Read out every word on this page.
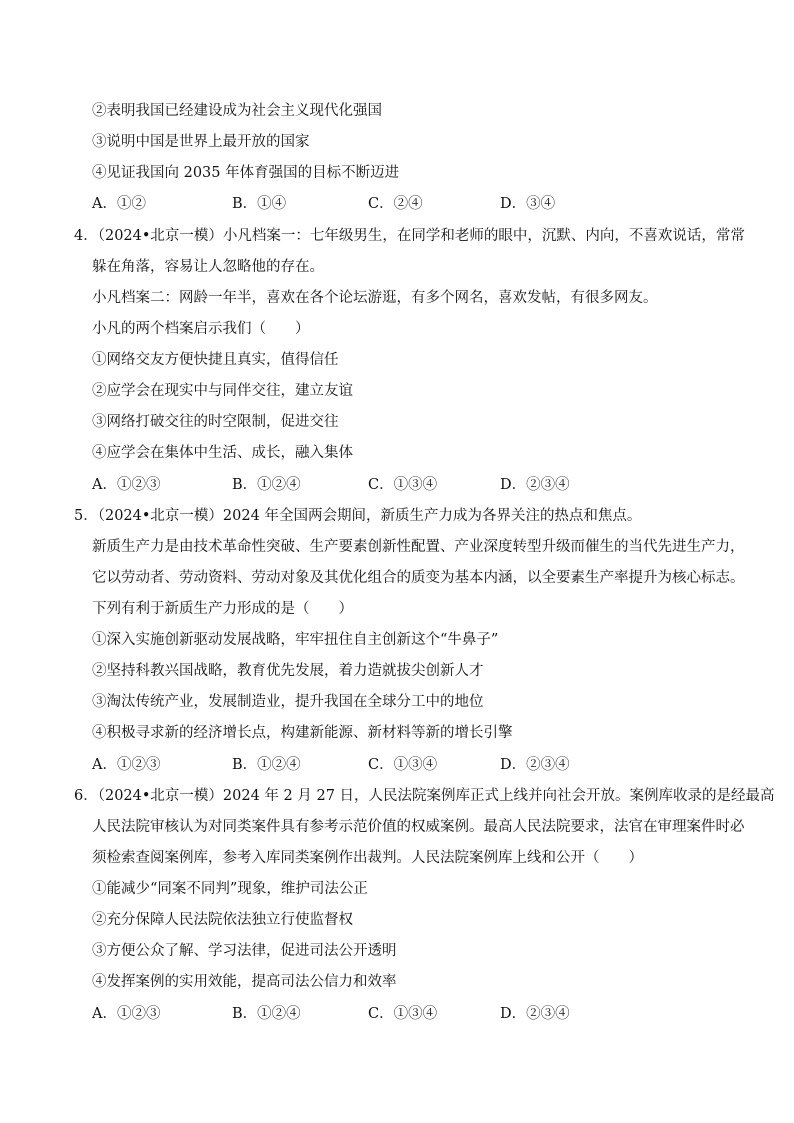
②表明我国已经建设成为社会主义现代化强国
③说明中国是世界上最开放的国家
④见证我国向 2035 年体育强国的目标不断迈进
A．①②	B．①④	C．②④	D．③④
4．（2024•北京一模）小凡档案一：七年级男生，在同学和老师的眼中，沉默、内向，不喜欢说话，常常
躲在角落，容易让人忽略他的存在。
小凡档案二：网龄一年半，喜欢在各个论坛游逛，有多个网名，喜欢发帖，有很多网友。
小凡的两个档案启示我们（　　）
①网络交友方便快捷且真实，值得信任
②应学会在现实中与同伴交往，建立友谊
③网络打破交往的时空限制，促进交往
④应学会在集体中生活、成长，融入集体
A．①②③	B．①②④	C．①③④	D．②③④
5．（2024•北京一模）2024 年全国两会期间，新质生产力成为各界关注的热点和焦点。
新质生产力是由技术革命性突破、生产要素创新性配置、产业深度转型升级而催生的当代先进生产力，
它以劳动者、劳动资料、劳动对象及其优化组合的质变为基本内涵，以全要素生产率提升为核心标志。
下列有利于新质生产力形成的是（　　）
①深入实施创新驱动发展战略，牢牢扭住自主创新这个“牛鼻子”
②坚持科教兴国战略，教育优先发展，着力造就拔尖创新人才
③淘汰传统产业，发展制造业，提升我国在全球分工中的地位
④积极寻求新的经济增长点，构建新能源、新材料等新的增长引擎
A．①②③	B．①②④	C．①③④	D．②③④
6．（2024•北京一模）2024 年 2 月 27 日，人民法院案例库正式上线并向社会开放。案例库收录的是经最高
人民法院审核认为对同类案件具有参考示范价值的权威案例。最高人民法院要求，法官在审理案件时必
须检索查阅案例库，参考入库同类案例作出裁判。人民法院案例库上线和公开（　　）
①能减少“同案不同判”现象，维护司法公正
②充分保障人民法院依法独立行使监督权
③方便公众了解、学习法律，促进司法公开透明
④发挥案例的实用效能，提高司法公信力和效率
A．①②③	B．①②④	C．①③④	D．②③④
